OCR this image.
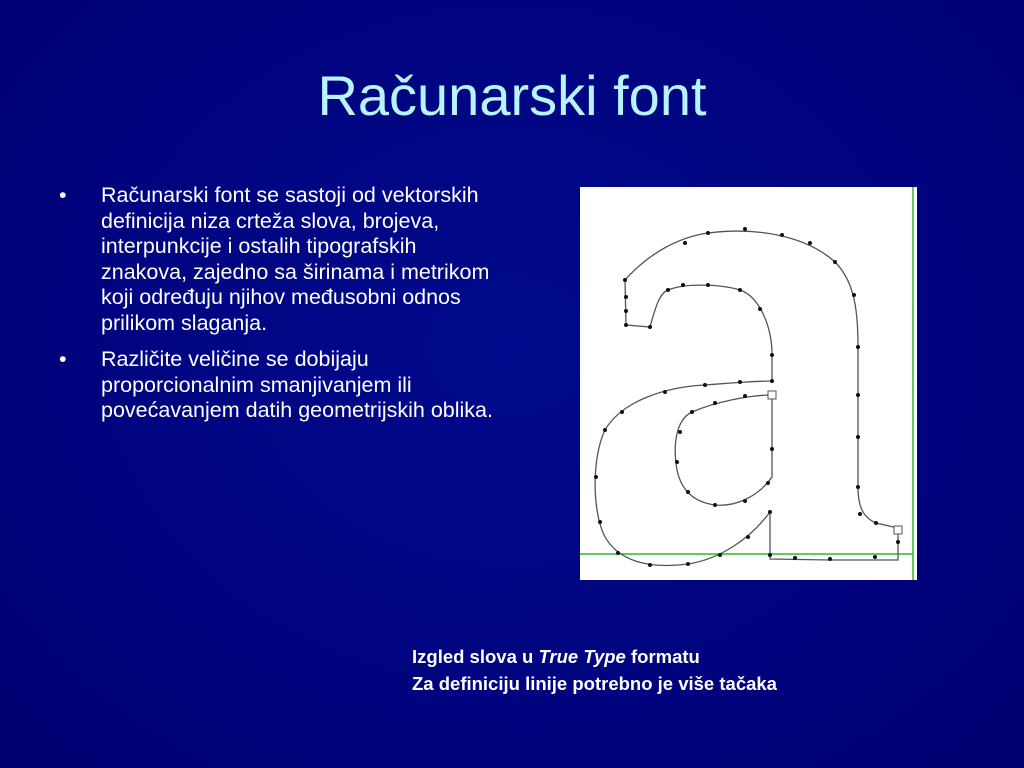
Računarski font
• Računarski font se sastoji od vektorskih definicija niza crteža slova, brojeva, interpunkcije i ostalih tipografskih znakova, zajedno sa širinama i metrikom koji određuju njihov međusobni odnos prilikom slaganja.
• Različite veličine se dobijaju proporcionalnim smanjivanjem ili povećavanjem datih geometrijskih oblika.
Izgled slova u True Type formatu
Za definiciju linije potrebno je više tačaka
